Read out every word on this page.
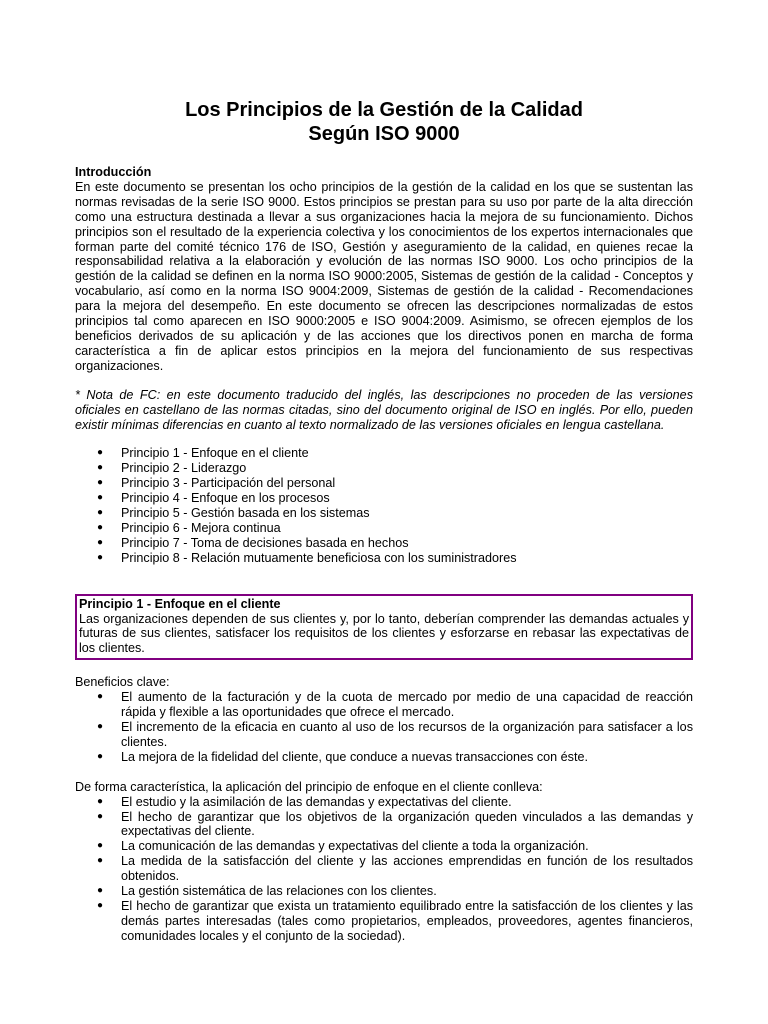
Los Principios de la Gestión de la Calidad
Según ISO 9000

Introducción

En este documento se presentan los ocho principios de la gestión de la calidad en los que se sustentan las normas revisadas de la serie ISO 9000. Estos principios se prestan para su uso por parte de la alta dirección como una estructura destinada a llevar a sus organizaciones hacia la mejora de su funcionamiento. Dichos principios son el resultado de la experiencia colectiva y los conocimientos de los expertos internacionales que forman parte del comité técnico 176 de ISO, Gestión y aseguramiento de la calidad, en quienes recae la responsabilidad relativa a la elaboración y evolución de las normas ISO 9000. Los ocho principios de la gestión de la calidad se definen en la norma ISO 9000:2005, Sistemas de gestión de la calidad - Conceptos y vocabulario, así como en la norma ISO 9004:2009, Sistemas de gestión de la calidad - Recomendaciones para la mejora del desempeño. En este documento se ofrecen las descripciones normalizadas de estos principios tal como aparecen en ISO 9000:2005 e ISO 9004:2009. Asimismo, se ofrecen ejemplos de los beneficios derivados de su aplicación y de las acciones que los directivos ponen en marcha de forma característica a fin de aplicar estos principios en la mejora del funcionamiento de sus respectivas organizaciones.

* Nota de FC: en este documento traducido del inglés, las descripciones no proceden de las versiones oficiales en castellano de las normas citadas, sino del documento original de ISO en inglés. Por ello, pueden existir mínimas diferencias en cuanto al texto normalizado de las versiones oficiales en lengua castellana.

● Principio 1 - Enfoque en el cliente
● Principio 2 - Liderazgo
● Principio 3 - Participación del personal
● Principio 4 - Enfoque en los procesos
● Principio 5 - Gestión basada en los sistemas
● Principio 6 - Mejora continua
● Principio 7 - Toma de decisiones basada en hechos
● Principio 8 - Relación mutuamente beneficiosa con los suministradores

Principio 1 - Enfoque en el cliente

Las organizaciones dependen de sus clientes y, por lo tanto, deberían comprender las demandas actuales y futuras de sus clientes, satisfacer los requisitos de los clientes y esforzarse en rebasar las expectativas de los clientes.

Beneficios clave:

● El aumento de la facturación y de la cuota de mercado por medio de una capacidad de reacción rápida y flexible a las oportunidades que ofrece el mercado.
● El incremento de la eficacia en cuanto al uso de los recursos de la organización para satisfacer a los clientes.
● La mejora de la fidelidad del cliente, que conduce a nuevas transacciones con éste.

De forma característica, la aplicación del principio de enfoque en el cliente conlleva:

● El estudio y la asimilación de las demandas y expectativas del cliente.
● El hecho de garantizar que los objetivos de la organización queden vinculados a las demandas y expectativas del cliente.
● La comunicación de las demandas y expectativas del cliente a toda la organización.
● La medida de la satisfacción del cliente y las acciones emprendidas en función de los resultados obtenidos.
● La gestión sistemática de las relaciones con los clientes.
● El hecho de garantizar que exista un tratamiento equilibrado entre la satisfacción de los clientes y las demás partes interesadas (tales como propietarios, empleados, proveedores, agentes financieros, comunidades locales y el conjunto de la sociedad).
